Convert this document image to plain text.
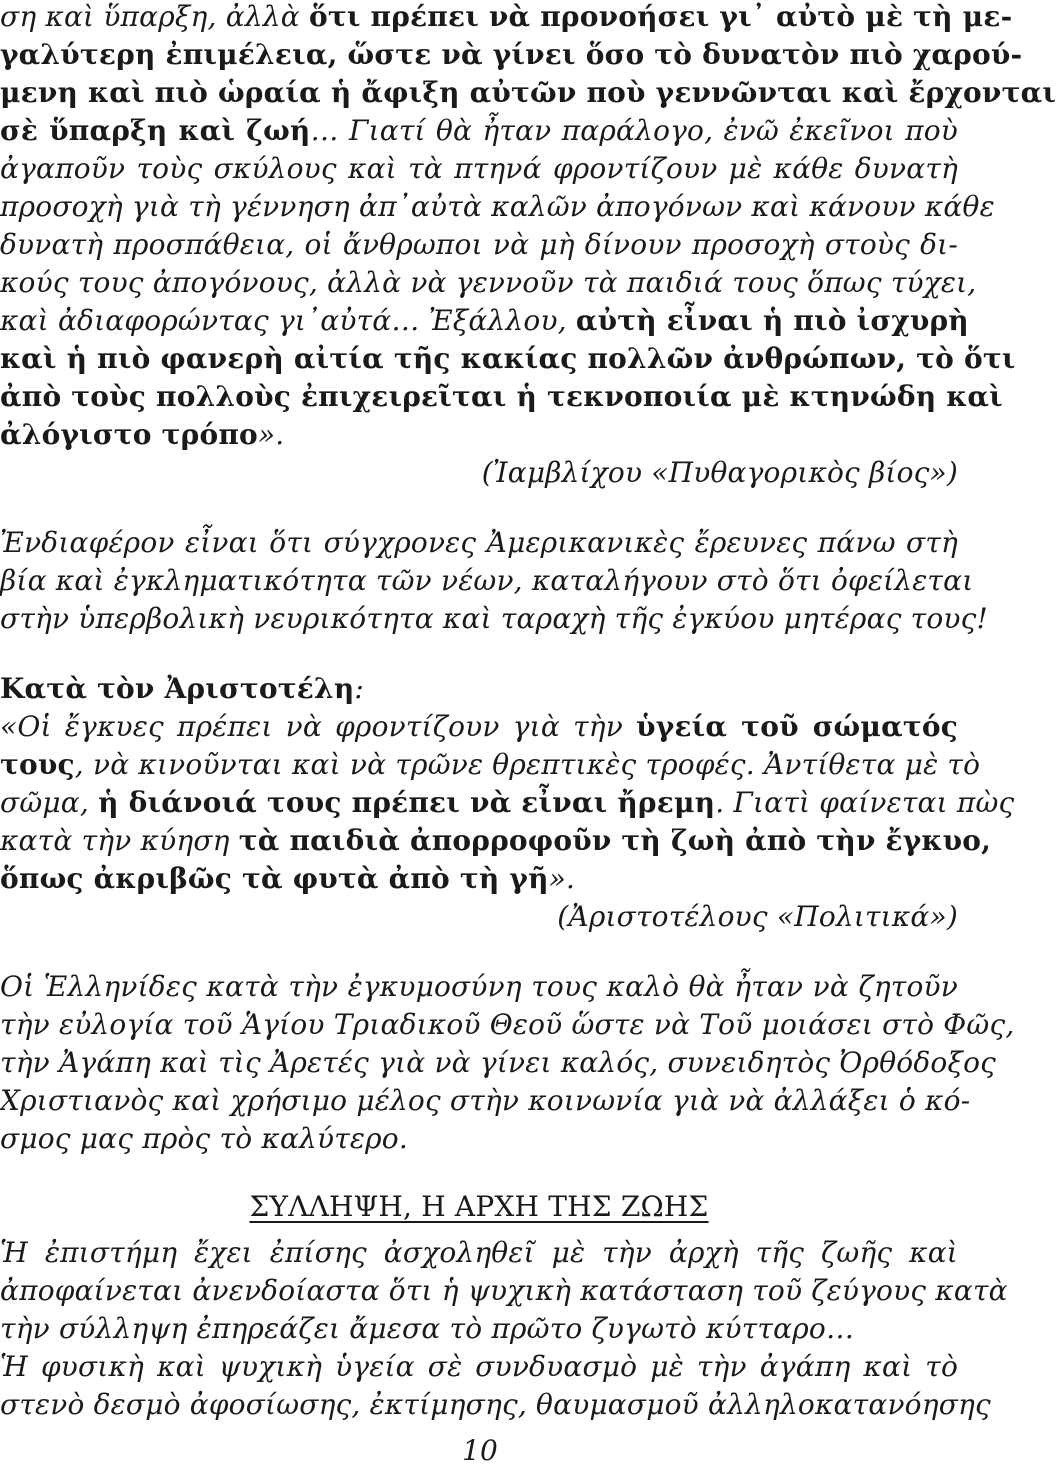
ση καὶ ὕπαρξη, ἀλλὰ ὅτι πρέπει νὰ προνοήσει γι᾽ αὐτὸ μὲ τὴ με-
γαλύτερη ἐπιμέλεια, ὥστε νὰ γίνει ὅσο τὸ δυνατὸν πιὸ χαρού-
μενη καὶ πιὸ ὡραία ἡ ἄφιξη αὐτῶν ποὺ γεννῶνται καὶ ἔρχονται
σὲ ὕπαρξη καὶ ζωή… Γιατί θὰ ἦταν παράλογο, ἐνῶ ἐκεῖνοι ποὺ
ἀγαποῦν τοὺς σκύλους καὶ τὰ πτηνά φροντίζουν μὲ κάθε δυνατὴ
προσοχὴ γιὰ τὴ γέννηση ἀπ᾽αὐτὰ καλῶν ἀπογόνων καὶ κάνουν κάθε
δυνατὴ προσπάθεια, οἱ ἄνθρωποι νὰ μὴ δίνουν προσοχὴ στοὺς δι-
κούς τους ἀπογόνους, ἀλλὰ νὰ γεννοῦν τὰ παιδιά τους ὅπως τύχει,
καὶ ἀδιαφορώντας γι᾽αὐτά… Ἐξάλλου, αὐτὴ εἶναι ἡ πιὸ ἰσχυρὴ
καὶ ἡ πιὸ φανερὴ αἰτία τῆς κακίας πολλῶν ἀνθρώπων, τὸ ὅτι
ἀπὸ τοὺς πολλοὺς ἐπιχειρεῖται ἡ τεκνοποιία μὲ κτηνώδη καὶ
ἀλόγιστο τρόπο».
(Ἰαμβλίχου «Πυθαγορικὸς βίος»)
Ἐνδιαφέρον εἶναι ὅτι σύγχρονες Ἀμερικανικὲς ἔρευνες πάνω στὴ
βία καὶ ἐγκληματικότητα τῶν νέων, καταλήγουν στὸ ὅτι ὀφείλεται
στὴν ὑπερβολικὴ νευρικότητα καὶ ταραχὴ τῆς ἐγκύου μητέρας τους!
Κατὰ τὸν Ἀριστοτέλη:
«Οἱ ἔγκυες πρέπει νὰ φροντίζουν γιὰ τὴν ὑγεία τοῦ σώματός
τους, νὰ κινοῦνται καὶ νὰ τρῶνε θρεπτικὲς τροφές. Ἀντίθετα μὲ τὸ
σῶμα, ἡ διάνοιά τους πρέπει νὰ εἶναι ἤρεμη. Γιατὶ φαίνεται πὼς
κατὰ τὴν κύηση τὰ παιδιὰ ἀπορροφοῦν τὴ ζωὴ ἀπὸ τὴν ἔγκυο,
ὅπως ἀκριβῶς τὰ φυτὰ ἀπὸ τὴ γῆ».
(Ἀριστοτέλους «Πολιτικά»)
Οἱ Ἑλληνίδες κατὰ τὴν ἐγκυμοσύνη τους καλὸ θὰ ἦταν νὰ ζητοῦν
τὴν εὐλογία τοῦ Ἁγίου Τριαδικοῦ Θεοῦ ὥστε νὰ Τοῦ μοιάσει στὸ Φῶς,
τὴν Ἀγάπη καὶ τὶς Ἀρετές γιὰ νὰ γίνει καλός, συνειδητὸς Ὀρθόδοξος
Χριστιανὸς καὶ χρήσιμο μέλος στὴν κοινωνία γιὰ νὰ ἀλλάξει ὁ κό-
σμος μας πρὸς τὸ καλύτερο.
ΣΥΛΛΗΨΗ, Η ΑΡΧΗ ΤΗΣ ΖΩΗΣ
Ἡ ἐπιστήμη ἔχει ἐπίσης ἀσχοληθεῖ μὲ τὴν ἀρχὴ τῆς ζωῆς καὶ
ἀποφαίνεται ἀνενδοίαστα ὅτι ἡ ψυχικὴ κατάσταση τοῦ ζεύγους κατὰ
τὴν σύλληψη ἐπηρεάζει ἄμεσα τὸ πρῶτο ζυγωτὸ κύτταρο…
Ἡ φυσικὴ καὶ ψυχικὴ ὑγεία σὲ συνδυασμὸ μὲ τὴν ἀγάπη καὶ τὸ
στενὸ δεσμὸ ἀφοσίωσης, ἐκτίμησης, θαυμασμοῦ ἀλληλοκατανόησης
10
